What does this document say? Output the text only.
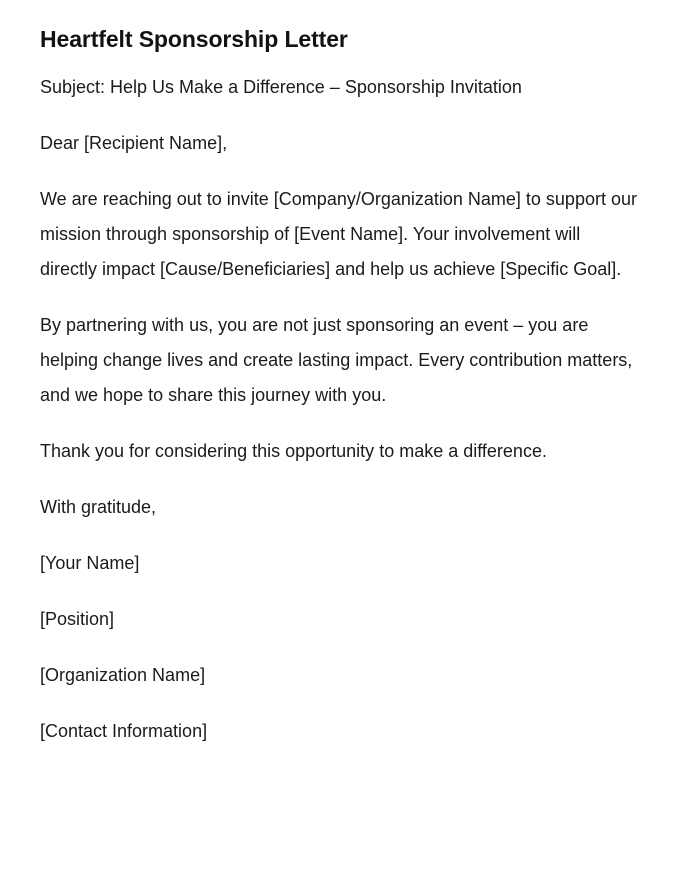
Heartfelt Sponsorship Letter

Subject: Help Us Make a Difference – Sponsorship Invitation

Dear [Recipient Name],

We are reaching out to invite [Company/Organization Name] to support our mission through sponsorship of [Event Name]. Your involvement will directly impact [Cause/Beneficiaries] and help us achieve [Specific Goal].

By partnering with us, you are not just sponsoring an event – you are helping change lives and create lasting impact. Every contribution matters, and we hope to share this journey with you.

Thank you for considering this opportunity to make a difference.

With gratitude,

[Your Name]

[Position]

[Organization Name]

[Contact Information]
